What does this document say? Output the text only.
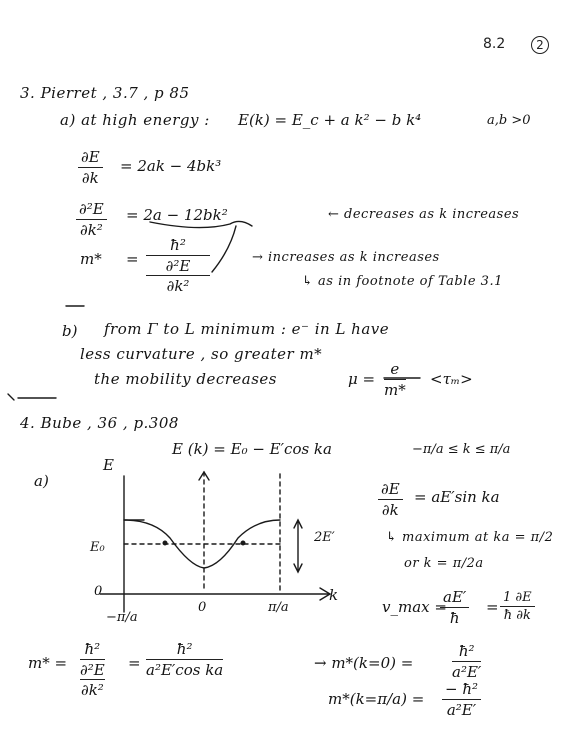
8.2	2
3. Pierret , 3.7 , p 85
a) at high energy : E(k) = E_c + a k² − b k⁴	a,b >0
$\frac{\partial E}{\partial k} = 2ak - 4bk^3$
$\frac{\text{∂²E}}{\text{∂k²}} = 2a - 12bk^2$	← decreases as k increases
m* =
ħ²
∂²E
∂k²
→ increases as k increases
↳ as in footnote of Table 3.1
b) from Γ to L minimum : e⁻ in L have
less curvature , so greater m*
the mobility decreases	$\mu = \frac{e}{m*} <\tau_m>$
4. Bube , 36 , p.308
E (k) = E₀ − E′cos ka	−π/a ≤ k ≤ π/a
a)
E
k
E₀
0
−π/a
0	π/a
2E′
$\frac{\partial E}{\partial k} = aE'\sin$ ka
↳ maximum at ka = π/2
or k = π/2a
v_max =
$\frac{aE'}{ħ} = \frac{1 \partial E}{ħ \partial k}$
m* =
ħ²
∂²E
∂k²
= $\frac{\text{ħ²}}{\text{a²E′cos ka}}$	→ m*(k=0) =	$\frac{\text{ħ²}}{\text{a²E′}}$
$m*(k=\pi/a) = \frac{\text{− ħ²}}{\text{a²E′}}$
